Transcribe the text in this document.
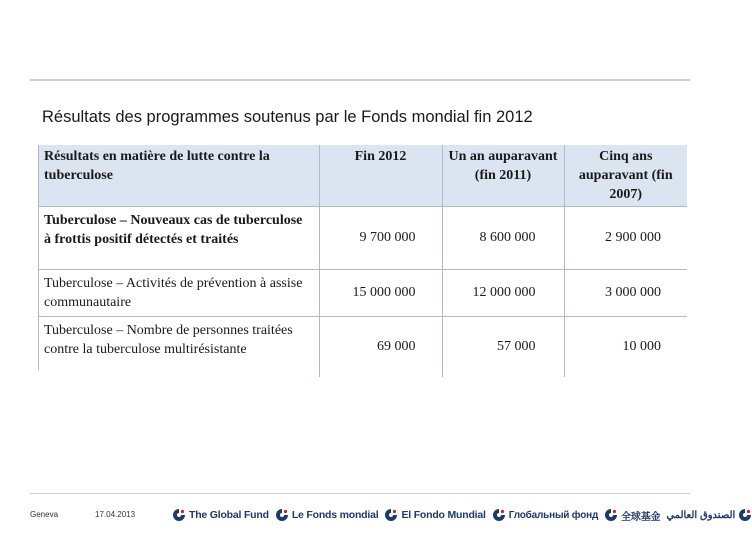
Résultats des programmes soutenus par le Fonds mondial fin 2012
Résultats en matière de lutte contre la tuberculose	Fin 2012	Un an auparavant (fin 2011)	Cinq ans auparavant (fin 2007)
Tuberculose – Nouveaux cas de tuberculose à frottis positif détectés et traités	9 700 000	8 600 000	2 900 000
Tuberculose – Activités de prévention à assise communautaire	15 000 000	12 000 000	3 000 000
Tuberculose – Nombre de personnes traitées contre la tuberculose multirésistante	69 000	57 000	10 000
Geneva	17.04.2013	The Global Fund Le Fonds mondial El Fondo Mundial Глобальный фонд 全球基金 الصندوق العالمي
